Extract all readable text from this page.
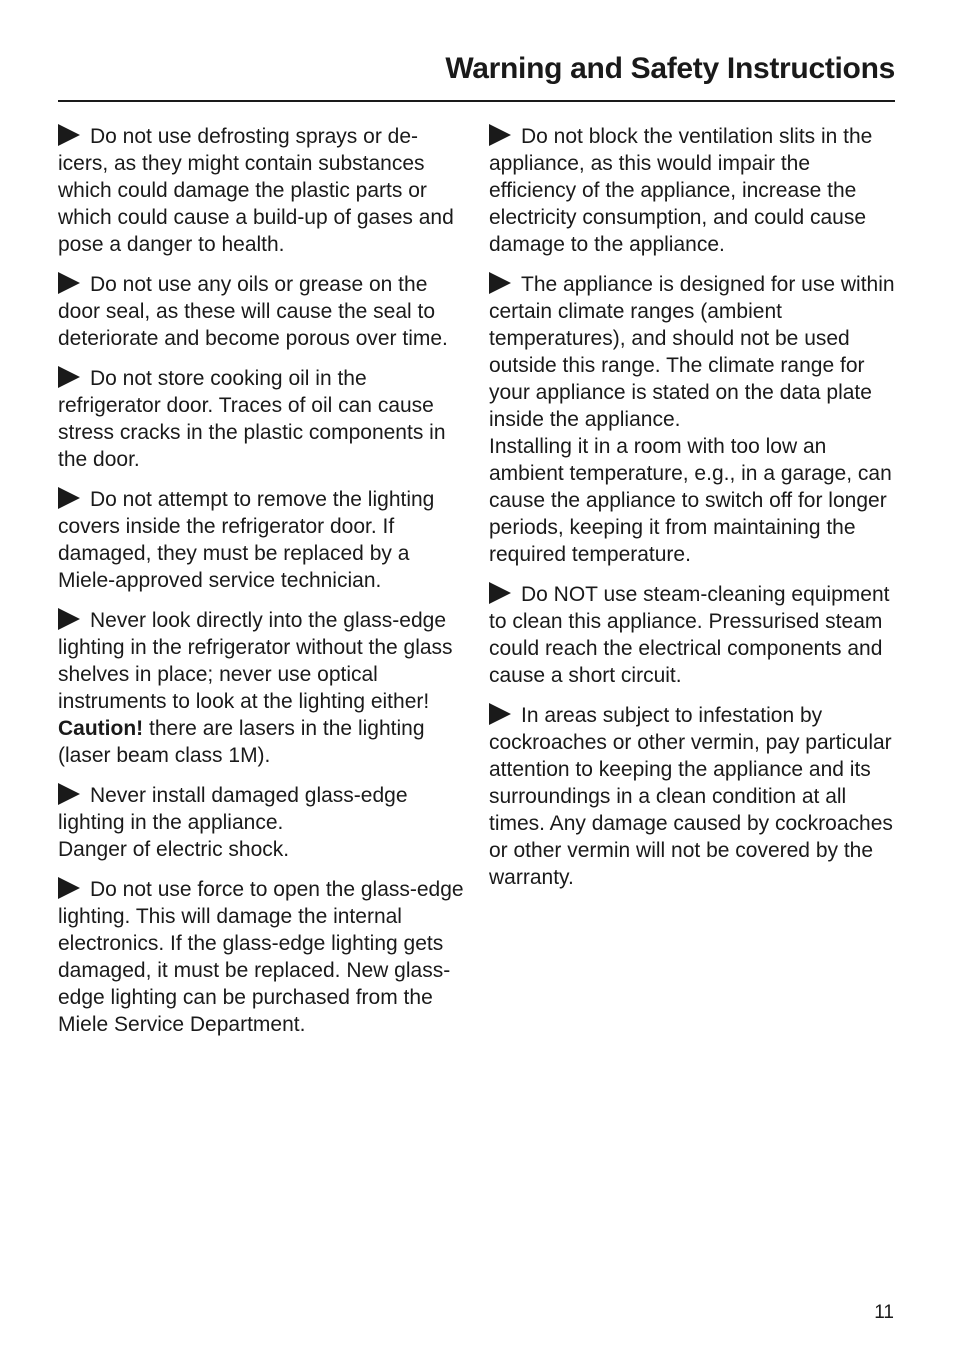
Warning and Safety Instructions

Do not use defrosting sprays or de-icers, as they might contain substances which could damage the plastic parts or which could cause a build-up of gases and pose a danger to health.

Do not use any oils or grease on the door seal, as these will cause the seal to deteriorate and become porous over time.

Do not store cooking oil in the refrigerator door. Traces of oil can cause stress cracks in the plastic components in the door.

Do not attempt to remove the lighting covers inside the refrigerator door. If damaged, they must be replaced by a Miele-approved service technician.

Never look directly into the glass-edge lighting in the refrigerator without the glass shelves in place; never use optical instruments to look at the lighting either! Caution! there are lasers in the lighting (laser beam class 1M).

Never install damaged glass-edge lighting in the appliance.

Danger of electric shock.

Do not use force to open the glass-edge lighting. This will damage the internal electronics. If the glass-edge lighting gets damaged, it must be replaced. New glass-edge lighting can be purchased from the Miele Service Department.

Do not block the ventilation slits in the appliance, as this would impair the efficiency of the appliance, increase the electricity consumption, and could cause damage to the appliance.

The appliance is designed for use within certain climate ranges (ambient temperatures), and should not be used outside this range. The climate range for your appliance is stated on the data plate inside the appliance.

Installing it in a room with too low an ambient temperature, e.g., in a garage, can cause the appliance to switch off for longer periods, keeping it from maintaining the required temperature.

Do NOT use steam-cleaning equipment to clean this appliance. Pressurised steam could reach the electrical components and cause a short circuit.

In areas subject to infestation by cockroaches or other vermin, pay particular attention to keeping the appliance and its surroundings in a clean condition at all times. Any damage caused by cockroaches or other vermin will not be covered by the warranty.

11
